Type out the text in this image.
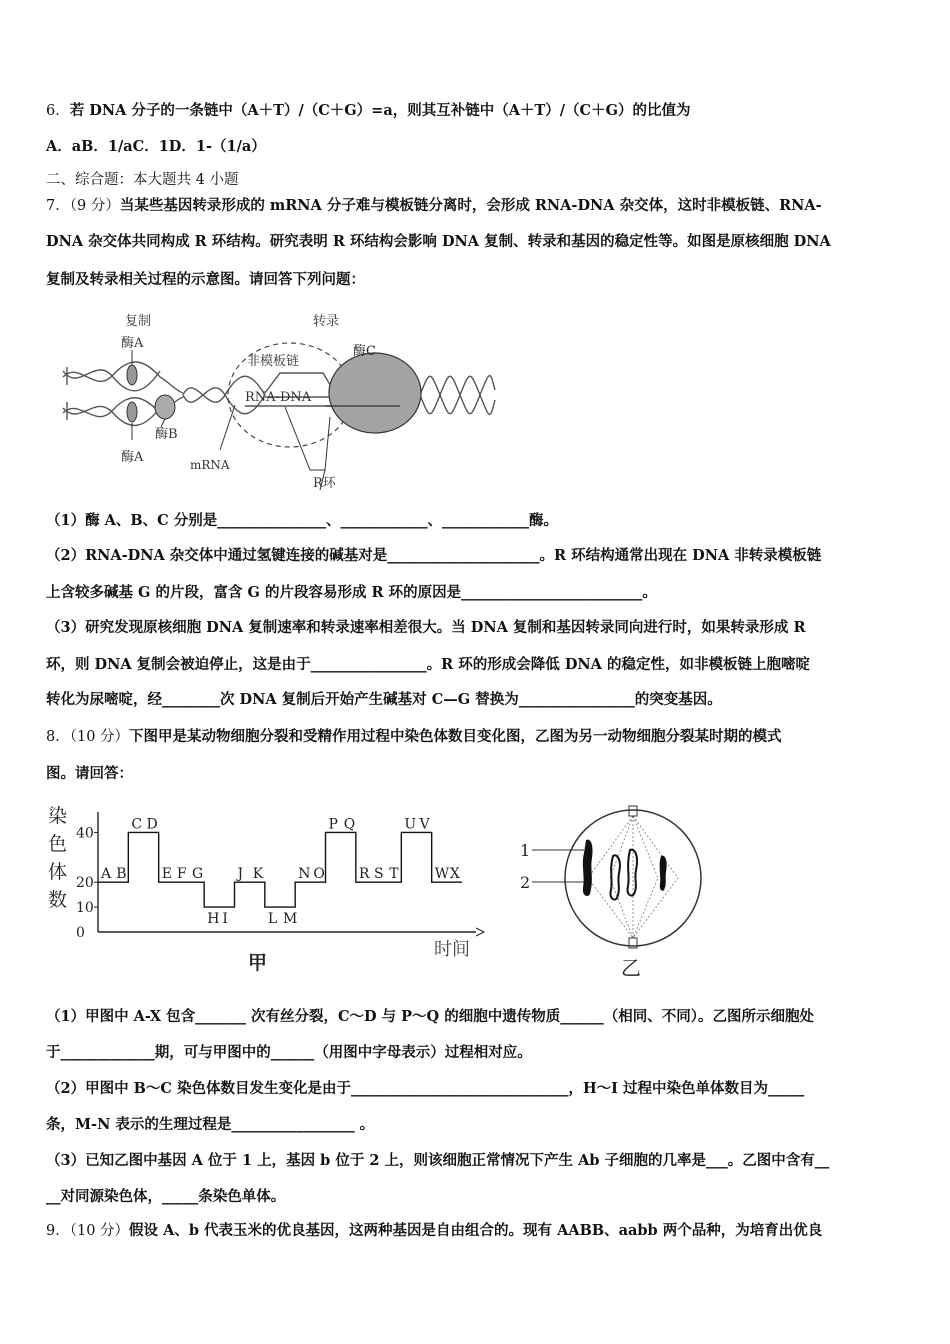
6．若 DNA 分子的一条链中（A＋T）/（C＋G）=a，则其互补链中（A＋T）/（C＋G）的比值为
A．aB．1/aC．1D．1-（1/a）
二、综合题：本大题共 4 小题
7．（9 分）当某些基因转录形成的 mRNA 分子难与模板链分离时，会形成 RNA-DNA 杂交体，这时非模板链、RNA-
DNA 杂交体共同构成 R 环结构。研究表明 R 环结构会影响 DNA 复制、转录和基因的稳定性等。如图是原核细胞 DNA
复制及转录相关过程的示意图。请回答下列问题：
复制	转录
酶A
酶A
酶B
酶C
非模板链
RNA-DNA
mRNA
R环
（1）酶 A、B、C 分别是_______________、____________、____________酶。
（2）RNA-DNA 杂交体中通过氢键连接的碱基对是_____________________。R 环结构通常出现在 DNA 非转录模板链
上含较多碱基 G 的片段，富含 G 的片段容易形成 R 环的原因是_________________________。
（3）研究发现原核细胞 DNA 复制速率和转录速率相差很大。当 DNA 复制和基因转录同向进行时，如果转录形成 R
环，则 DNA 复制会被迫停止，这是由于________________。R 环的形成会降低 DNA 的稳定性，如非模板链上胞嘧啶
转化为尿嘧啶，经________次 DNA 复制后开始产生碱基对 C—G 替换为________________的突变基因。
8．（10 分）下图甲是某动物细胞分裂和受精作用过程中染色体数目变化图，乙图为另一动物细胞分裂某时期的模式
图。请回答：
染
色
体
数
0
10
20
40
A B
C D
E F G
H I
J K
L M
N O
P Q
R S T
U V
W X
时间
甲
1
2
乙
（1）甲图中 A-X 包含_______ 次有丝分裂，C～D 与 P～Q 的细胞中遗传物质______（相同、不同）。乙图所示细胞处
于_____________期，可与甲图中的______（用图中字母表示）过程相对应。
（2）甲图中 B～C 染色体数目发生变化是由于______________________________，H～I 过程中染色单体数目为_____
条，M-N 表示的生理过程是_________________ 。
（3）已知乙图中基因 A 位于 1 上，基因 b 位于 2 上，则该细胞正常情况下产生 Ab 子细胞的几率是___。乙图中含有__
__对同源染色体，_____条染色单体。
9．（10 分）假设 A、b 代表玉米的优良基因，这两种基因是自由组合的。现有 AABB、aabb 两个品种，为培育出优良
